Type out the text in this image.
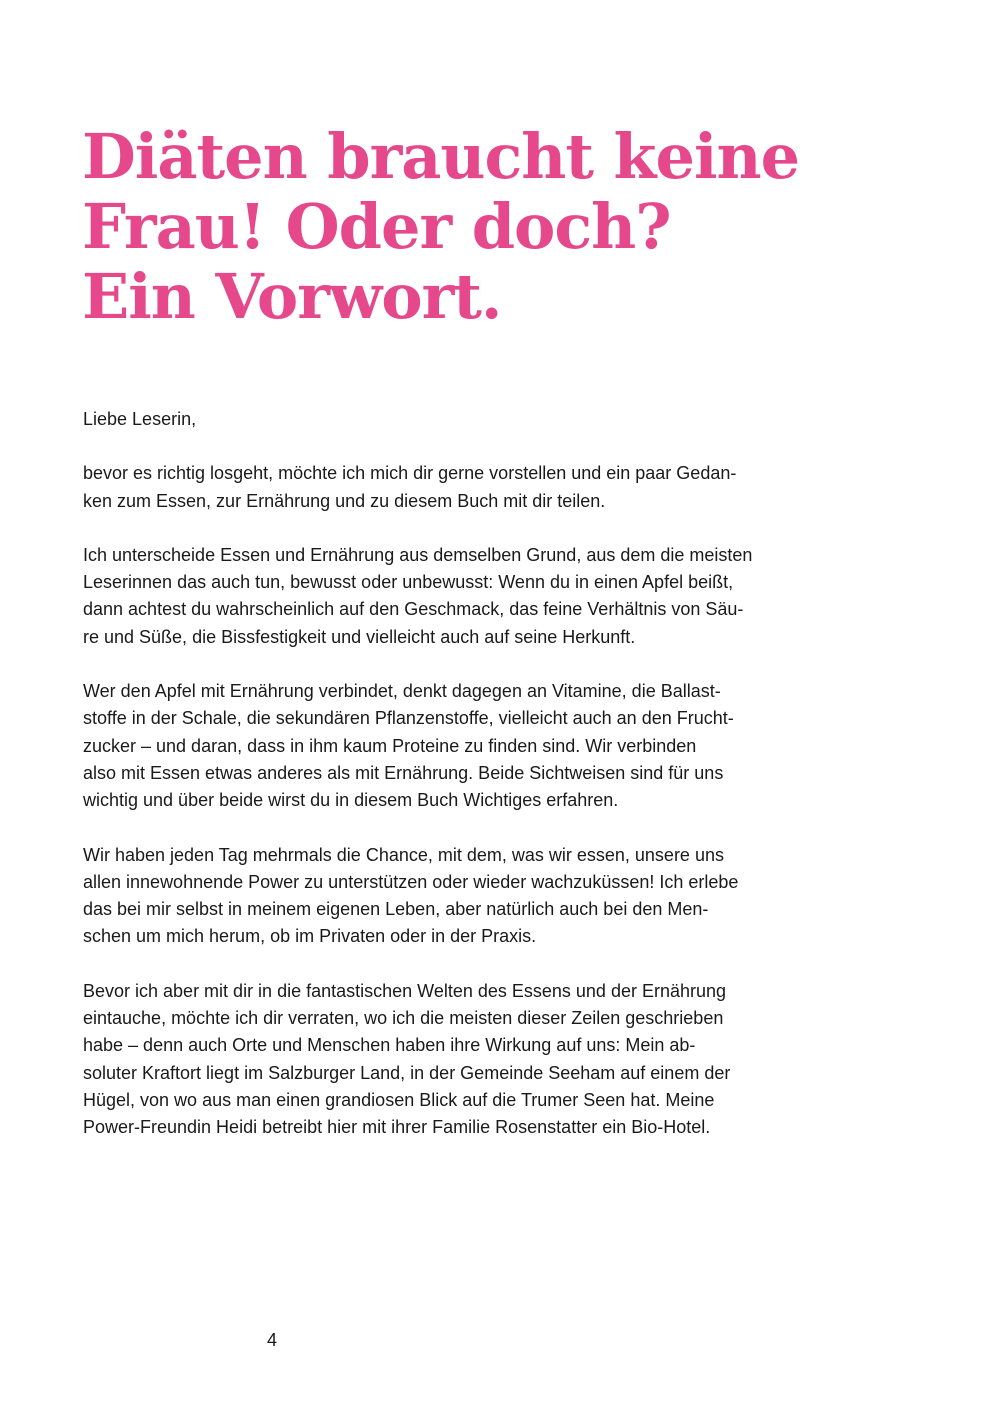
Diäten braucht keine
Frau! Oder doch?
Ein Vorwort.

Liebe Leserin,

bevor es richtig losgeht, möchte ich mich dir gerne vorstellen und ein paar Gedan-
ken zum Essen, zur Ernährung und zu diesem Buch mit dir teilen.

Ich unterscheide Essen und Ernährung aus demselben Grund, aus dem die meisten
Leserinnen das auch tun, bewusst oder unbewusst: Wenn du in einen Apfel beißt,
dann achtest du wahrscheinlich auf den Geschmack, das feine Verhältnis von Säu-
re und Süße, die Bissfestigkeit und vielleicht auch auf seine Herkunft.

Wer den Apfel mit Ernährung verbindet, denkt dagegen an Vitamine, die Ballast-
stoffe in der Schale, die sekundären Pflanzenstoffe, vielleicht auch an den Frucht-
zucker – und daran, dass in ihm kaum Proteine zu finden sind. Wir verbinden
also mit Essen etwas anderes als mit Ernährung. Beide Sichtweisen sind für uns
wichtig und über beide wirst du in diesem Buch Wichtiges erfahren.

Wir haben jeden Tag mehrmals die Chance, mit dem, was wir essen, unsere uns
allen innewohnende Power zu unterstützen oder wieder wachzuküssen! Ich erlebe
das bei mir selbst in meinem eigenen Leben, aber natürlich auch bei den Men-
schen um mich herum, ob im Privaten oder in der Praxis.

Bevor ich aber mit dir in die fantastischen Welten des Essens und der Ernährung
eintauche, möchte ich dir verraten, wo ich die meisten dieser Zeilen geschrieben
habe – denn auch Orte und Menschen haben ihre Wirkung auf uns: Mein ab-
soluter Kraftort liegt im Salzburger Land, in der Gemeinde Seeham auf einem der
Hügel, von wo aus man einen grandiosen Blick auf die Trumer Seen hat. Meine
Power-Freundin Heidi betreibt hier mit ihrer Familie Rosenstatter ein Bio-Hotel.

4
